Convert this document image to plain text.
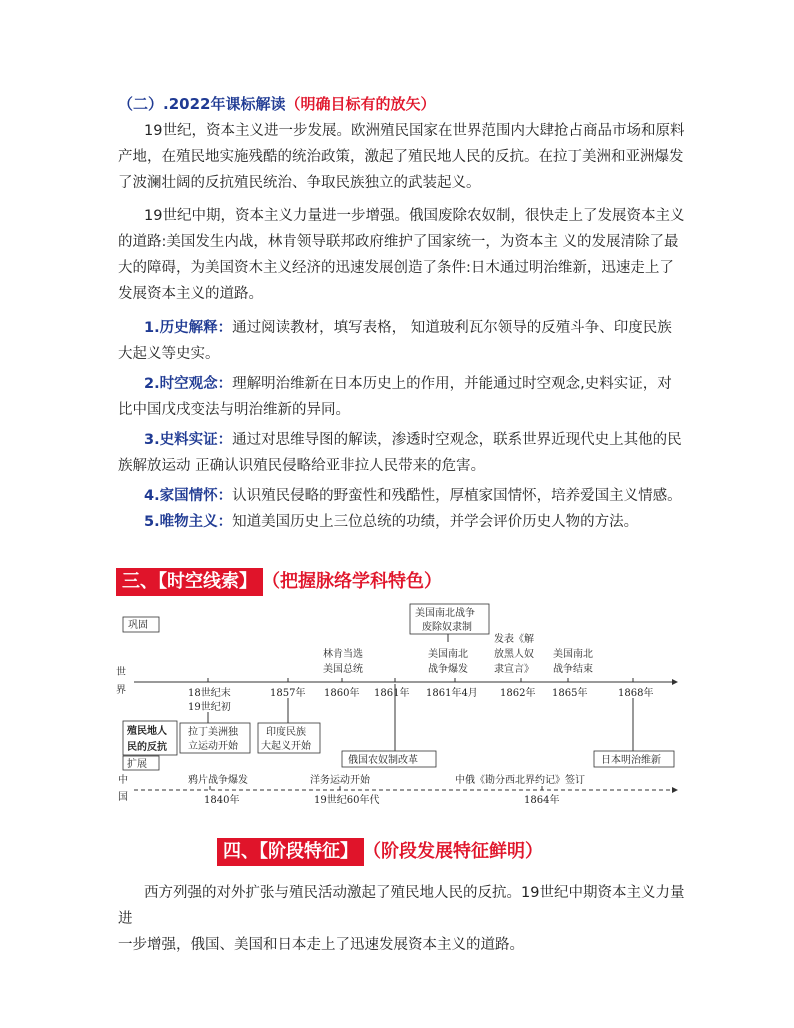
（二）.2022年课标解读（明确目标有的放矢）
19世纪，资本主义进一步发展。欧洲殖民国家在世界范围内大肆抢占商品市场和原料
产地，在殖民地实施残酷的统治政策，激起了殖民地人民的反抗。在拉丁美洲和亚洲爆发
了波澜壮阔的反抗殖民统治、争取民族独立的武装起义。
19世纪中期，资本主义力量进一步增强。俄国废除农奴制，很快走上了发展资本主义
的道路:美国发生内战，林肯领导联邦政府维护了国家统一，为资本主 义的发展清除了最
大的障碍，为美国资木主义经济的迅速发展创造了条件:日木通过明治维新，迅速走上了
发展资本主义的道路。
1.历史解释：通过阅读教材，填写表格， 知道玻利瓦尔领导的反殖斗争、印度民族
大起义等史实。
2.时空观念：理解明治维新在日本历史上的作用，并能通过时空观念,史料实证，对
比中国戊戌变法与明治维新的异同。
3.史料实证：通过对思维导图的解读，渗透时空观念，联系世界近现代史上其他的民
族解放运动 正确认识殖民侵略给亚非拉人民带来的危害。
4.家国情怀：认识殖民侵略的野蛮性和残酷性，厚植家国情怀，培养爱国主义情感。
5.唯物主义：知道美国历史上三位总统的功绩，并学会评价历史人物的方法。
三、【时空线索】 （把握脉络学科特色）
巩固
世
界
殖民地人
民的反抗
扩展
中
国
18世纪末
19世纪初
1857年 1860年 1861年 1861年4月 1862年 1865年	1868年
林肯当选
美国总统
美国南北战争
废除奴隶制
美国南北
战争爆发
发表《解
放黑人奴
隶宣言》
美国南北
战争结束
拉丁美洲独
立运动开始
印度民族
大起义开始
俄国农奴制改革	日本明治维新
鸦片战争爆发	洋务运动开始	中俄《勘分西北界约记》签订
1840年	19世纪60年代	1864年
四、【阶段特征】 （阶段发展特征鲜明）
西方列强的对外扩张与殖民活动激起了殖民地人民的反抗。19世纪中期资本主义力量进
一步增强，俄国、美国和日本走上了迅速发展资本主义的道路。
